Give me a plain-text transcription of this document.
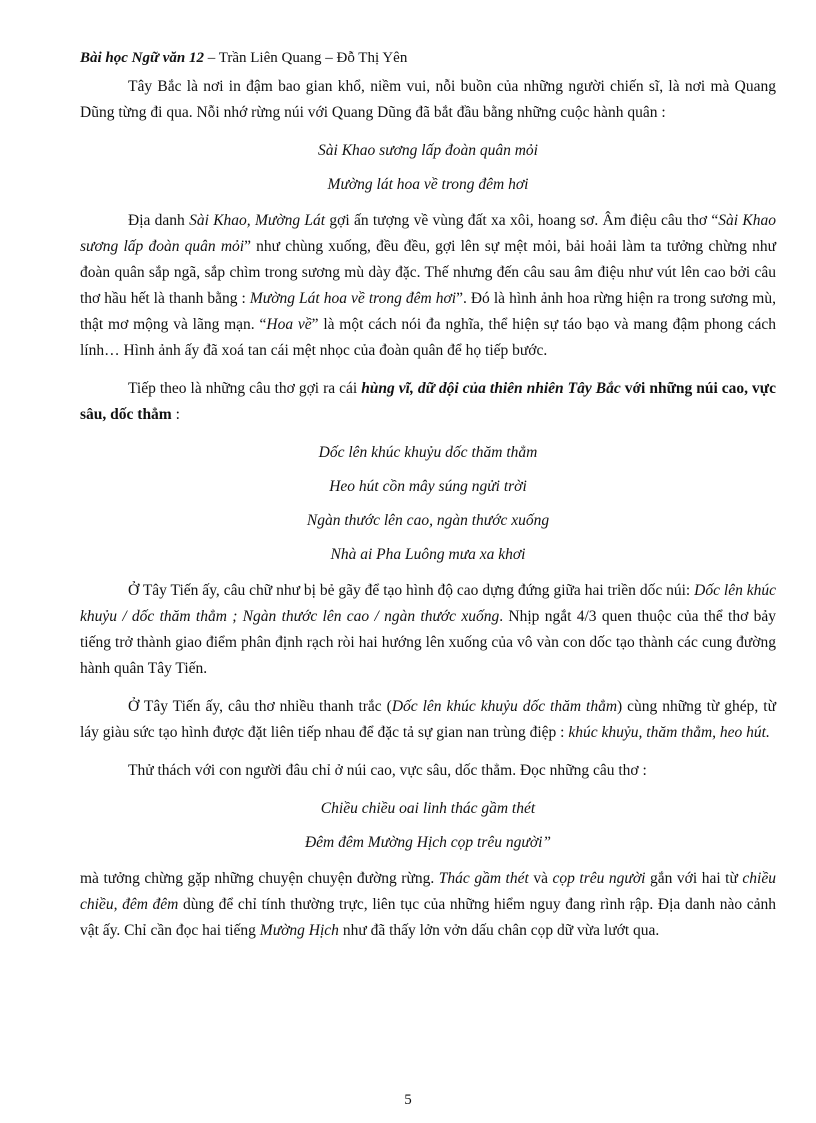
Bài học Ngữ văn 12 – Trần Liên Quang – Đỗ Thị Yên

Tây Bắc là nơi in đậm bao gian khổ, niềm vui, nỗi buồn của những người chiến sĩ, là nơi mà Quang Dũng từng đi qua. Nỗi nhớ rừng núi với Quang Dũng đã bắt đầu bằng những cuộc hành quân :

Sài Khao sương lấp đoàn quân mỏi
Mường lát hoa về trong đêm hơi

Địa danh Sài Khao, Mường Lát gợi ấn tượng về vùng đất xa xôi, hoang sơ. Âm điệu câu thơ “Sài Khao sương lấp đoàn quân mỏi” như chùng xuống, đều đều, gợi lên sự mệt mỏi, bải hoải làm ta tưởng chừng như đoàn quân sắp ngã, sắp chìm trong sương mù dày đặc. Thế nhưng đến câu sau âm điệu như vút lên cao bởi câu thơ hầu hết là thanh bằng : Mường Lát hoa về trong đêm hơi”. Đó là hình ảnh hoa rừng hiện ra trong sương mù, thật mơ mộng và lãng mạn. “Hoa về” là một cách nói đa nghĩa, thể hiện sự táo bạo và mang đậm phong cách lính… Hình ảnh ấy đã xoá tan cái mệt nhọc của đoàn quân để họ tiếp bước.

Tiếp theo là những câu thơ gợi ra cái hùng vĩ, dữ dội của thiên nhiên Tây Bắc với những núi cao, vực sâu, dốc thẳm :

Dốc lên khúc khuỷu dốc thăm thẳm
Heo hút cồn mây súng ngửi trời
Ngàn thước lên cao, ngàn thước xuống
Nhà ai Pha Luông mưa xa khơi

Ở Tây Tiến ấy, câu chữ như bị bẻ gãy để tạo hình độ cao dựng đứng giữa hai triền dốc núi: Dốc lên khúc khuỷu / dốc thăm thẳm ; Ngàn thước lên cao / ngàn thước xuống. Nhịp ngắt 4/3 quen thuộc của thể thơ bảy tiếng trở thành giao điểm phân định rạch ròi hai hướng lên xuống của vô vàn con dốc tạo thành các cung đường hành quân Tây Tiến.

Ở Tây Tiến ấy, câu thơ nhiều thanh trắc (Dốc lên khúc khuỷu dốc thăm thẳm) cùng những từ ghép, từ láy giàu sức tạo hình được đặt liên tiếp nhau để đặc tả sự gian nan trùng điệp : khúc khuỷu, thăm thẳm, heo hút.

Thử thách với con người đâu chỉ ở núi cao, vực sâu, dốc thẳm. Đọc những câu thơ :

Chiều chiều oai linh thác gầm thét
Đêm đêm Mường Hịch cọp trêu người”

mà tưởng chừng gặp những chuyện chuyện đường rừng. Thác gầm thét và cọp trêu người gắn với hai từ chiều chiều, đêm đêm dùng để chỉ tính thường trực, liên tục của những hiểm nguy đang rình rập. Địa danh nào cảnh vật ấy. Chỉ cần đọc hai tiếng Mường Hịch như đã thấy lởn vởn dấu chân cọp dữ vừa lướt qua.

5
